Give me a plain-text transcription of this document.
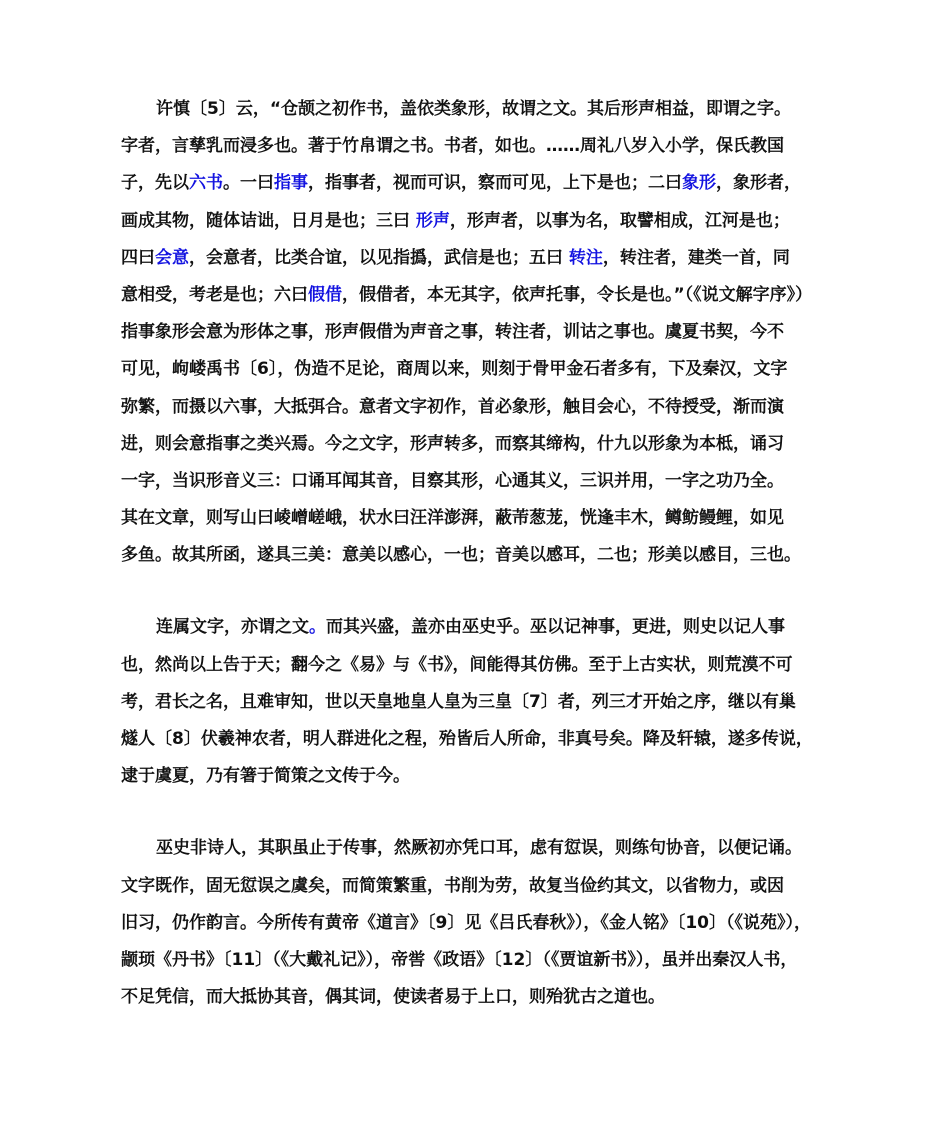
许慎〔5〕云，“仓颉之初作书，盖依类象形，故谓之文。其后形声相益，即谓之字。
字者，言孳乳而浸多也。著于竹帛谓之书。书者，如也。……周礼八岁入小学，保氏教国
子，先以六书。一曰指事，指事者，视而可识，察而可见，上下是也；二曰象形，象形者，
画成其物，随体诘诎，日月是也；三曰 形声，形声者，以事为名，取譬相成，江河是也；
四曰会意，会意者，比类合谊，以见指撝，武信是也；五曰 转注，转注者，建类一首，同
意相受，考老是也；六曰假借，假借者，本无其字，依声托事，令长是也。”（《说文解字序》）
指事象形会意为形体之事，形声假借为声音之事，转注者，训诂之事也。虞夏书契，今不
可见，岣嵝禹书〔6〕，伪造不足论，商周以来，则刻于骨甲金石者多有，下及秦汉，文字
弥繁，而摄以六事，大抵弭合。意者文字初作，首必象形，触目会心，不待授受，渐而演
进，则会意指事之类兴焉。今之文字，形声转多，而察其缔构，什九以形象为本柢，诵习
一字，当识形音义三：口诵耳闻其音，目察其形，心通其义，三识并用，一字之功乃全。
其在文章，则写山曰崚嶒嵯峨，状水曰汪洋澎湃，蔽芾葱茏，恍逢丰木，鳟鲂鳗鲤，如见
多鱼。故其所函，遂具三美：意美以感心，一也；音美以感耳，二也；形美以感目，三也。
连属文字，亦谓之文。而其兴盛，盖亦由巫史乎。巫以记神事，更进，则史以记人事
也，然尚以上告于天；翻今之《易》与《书》，间能得其仿佛。至于上古实状，则荒漠不可
考，君长之名，且难审知，世以天皇地皇人皇为三皇〔7〕者，列三才开始之序，继以有巢
燧人〔8〕伏羲神农者，明人群进化之程，殆皆后人所命，非真号矣。降及轩辕，遂多传说，
逮于虞夏，乃有箸于简策之文传于今。
巫史非诗人，其职虽止于传事，然厥初亦凭口耳，虑有愆误，则练句协音，以便记诵。
文字既作，固无愆误之虞矣，而简策繁重，书削为劳，故复当俭约其文，以省物力，或因
旧习，仍作韵言。今所传有黄帝《道言》〔9〕见《吕氏春秋》），《金人铭》〔10〕（《说苑》），
颛顼《丹书》〔11〕（《大戴礼记》），帝喾《政语》〔12〕（《贾谊新书》），虽并出秦汉人书，
不足凭信，而大抵协其音，偶其词，使读者易于上口，则殆犹古之道也。
